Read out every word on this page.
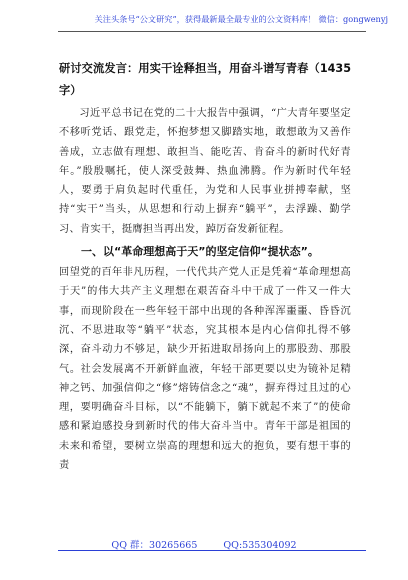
关注头条号“公文研究”，获得最新最全最专业的公文资料库！ 微信：gongwenyj

研讨交流发言：用实干诠释担当，用奋斗谱写青春（1435字）

习近平总书记在党的二十大报告中强调，“广大青年要坚定不移听党话、跟党走，怀抱梦想又脚踏实地，敢想敢为又善作善成，立志做有理想、敢担当、能吃苦、肯奋斗的新时代好青年。”殷殷嘱托，使人深受鼓舞、热血沸腾。作为新时代年轻人，要勇于肩负起时代重任，为党和人民事业拼搏奉献，坚持“实干”当头，从思想和行动上摒弃“躺平”，去浮躁、勤学习、肯实干，挺膺担当再出发，踔厉奋发新征程。

一、以“革命理想高于天”的坚定信仰“提状态”。

回望党的百年非凡历程，一代代共产党人正是凭着“革命理想高于天”的伟大共产主义理想在艰苦奋斗中干成了一件又一件大事，而现阶段在一些年轻干部中出现的各种浑浑噩噩、昏昏沉沉、不思进取等“躺平”状态，究其根本是内心信仰扎得不够深，奋斗动力不够足，缺少开拓进取昂扬向上的那股劲、那股气。社会发展离不开新鲜血液，年轻干部更要以史为镜补足精神之钙、加强信仰之“修”熔铸信念之“魂”，摒弃得过且过的心理，要明确奋斗目标，以“不能躺下，躺下就起不来了”的使命感和紧迫感投身到新时代的伟大奋斗当中。青年干部是祖国的未来和希望，要树立崇高的理想和远大的抱负，要有想干事的责

QQ 群：30265665	QQ:535304092
